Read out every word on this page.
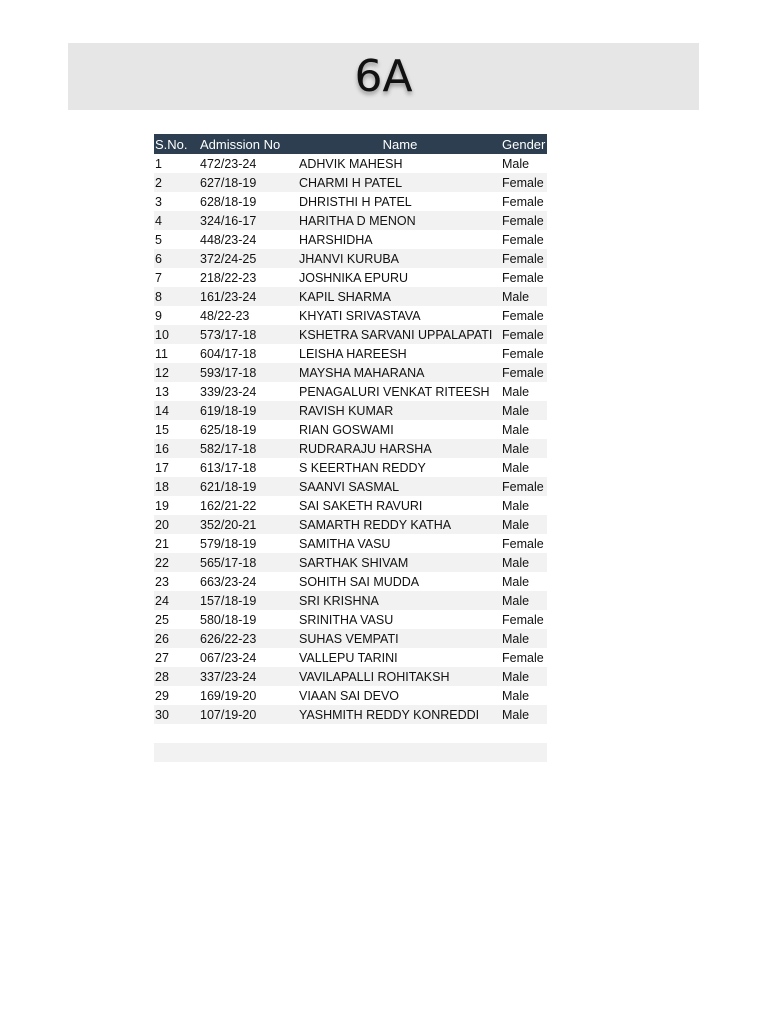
6A
S.No.	Admission No	Name	Gender
1	472/23-24	ADHVIK MAHESH	Male
2	627/18-19	CHARMI H PATEL	Female
3	628/18-19	DHRISTHI H PATEL	Female
4	324/16-17	HARITHA D MENON	Female
5	448/23-24	HARSHIDHA	Female
6	372/24-25	JHANVI KURUBA	Female
7	218/22-23	JOSHNIKA EPURU	Female
8	161/23-24	KAPIL SHARMA	Male
9	48/22-23	KHYATI SRIVASTAVA	Female
10	573/17-18	KSHETRA SARVANI UPPALAPATI	Female
11	604/17-18	LEISHA HAREESH	Female
12	593/17-18	MAYSHA MAHARANA	Female
13	339/23-24	PENAGALURI VENKAT RITEESH	Male
14	619/18-19	RAVISH KUMAR	Male
15	625/18-19	RIAN GOSWAMI	Male
16	582/17-18	RUDRARAJU HARSHA	Male
17	613/17-18	S KEERTHAN REDDY	Male
18	621/18-19	SAANVI SASMAL	Female
19	162/21-22	SAI SAKETH RAVURI	Male
20	352/20-21	SAMARTH REDDY KATHA	Male
21	579/18-19	SAMITHA VASU	Female
22	565/17-18	SARTHAK SHIVAM	Male
23	663/23-24	SOHITH SAI MUDDA	Male
24	157/18-19	SRI KRISHNA	Male
25	580/18-19	SRINITHA VASU	Female
26	626/22-23	SUHAS VEMPATI	Male
27	067/23-24	VALLEPU TARINI	Female
28	337/23-24	VAVILAPALLI ROHITAKSH	Male
29	169/19-20	VIAAN SAI DEVO	Male
30	107/19-20	YASHMITH REDDY KONREDDI	Male
